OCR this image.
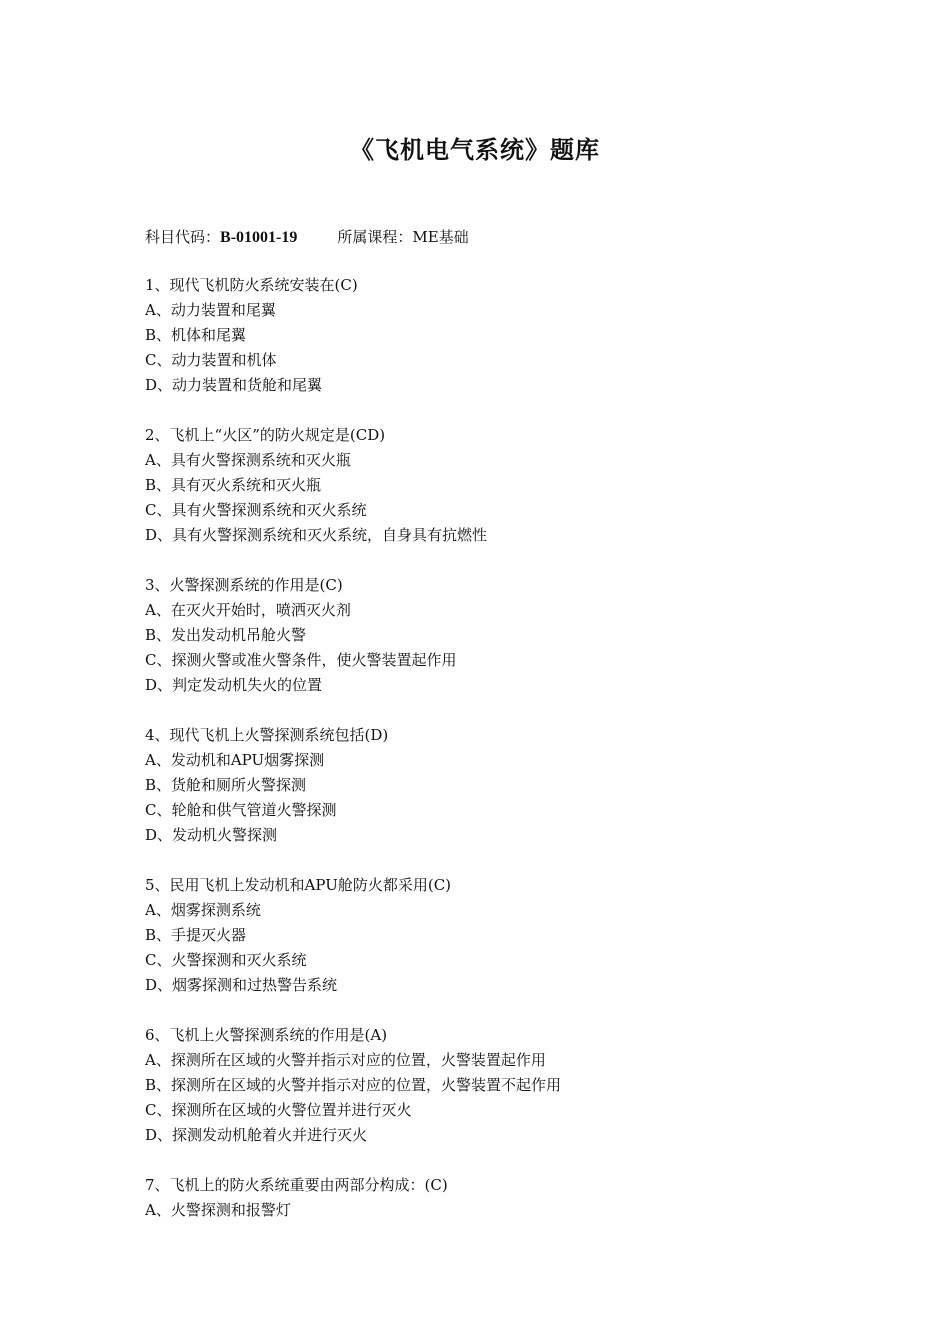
《飞机电气系统》题库
科目代码：B-01001-19	所属课程：ME基础
1、现代飞机防火系统安装在(C)
A、动力装置和尾翼
B、机体和尾翼
C、动力装置和机体
D、动力装置和货舱和尾翼
2、飞机上“火区”的防火规定是(CD)
A、具有火警探测系统和灭火瓶
B、具有灭火系统和灭火瓶
C、具有火警探测系统和灭火系统
D、具有火警探测系统和灭火系统，自身具有抗燃性
3、火警探测系统的作用是(C)
A、在灭火开始时，喷洒灭火剂
B、发出发动机吊舱火警
C、探测火警或准火警条件，使火警装置起作用
D、判定发动机失火的位置
4、现代飞机上火警探测系统包括(D)
A、发动机和APU烟雾探测
B、货舱和厕所火警探测
C、轮舱和供气管道火警探测
D、发动机火警探测
5、民用飞机上发动机和APU舱防火都采用(C)
A、烟雾探测系统
B、手提灭火器
C、火警探测和灭火系统
D、烟雾探测和过热警告系统
6、飞机上火警探测系统的作用是(A)
A、探测所在区域的火警并指示对应的位置，火警装置起作用
B、探测所在区域的火警并指示对应的位置，火警装置不起作用
C、探测所在区域的火警位置并进行灭火
D、探测发动机舱着火并进行灭火
7、飞机上的防火系统重要由两部分构成：(C)
A、火警探测和报警灯
